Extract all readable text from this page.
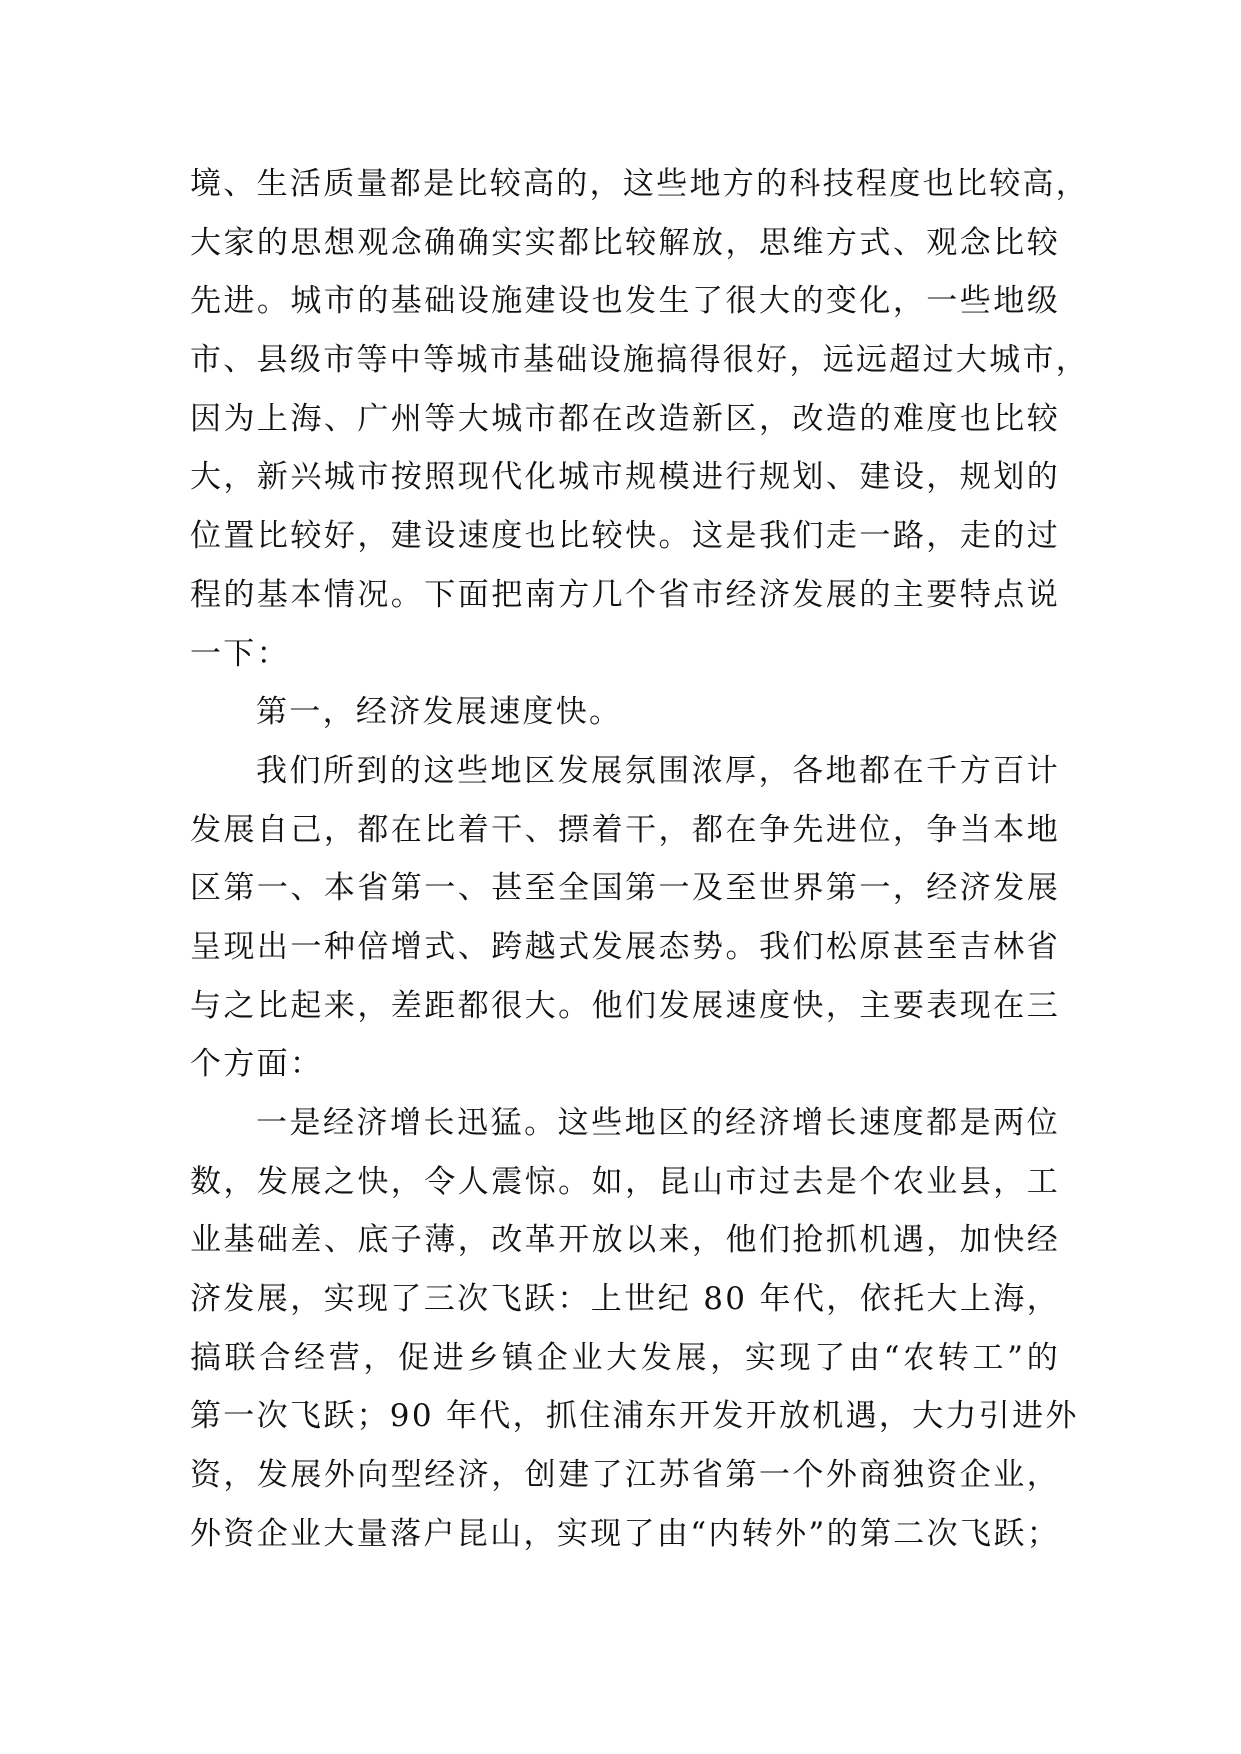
境、生活质量都是比较高的，这些地方的科技程度也比较高，
大家的思想观念确确实实都比较解放，思维方式、观念比较
先进。城市的基础设施建设也发生了很大的变化，一些地级
市、县级市等中等城市基础设施搞得很好，远远超过大城市，
因为上海、广州等大城市都在改造新区，改造的难度也比较
大，新兴城市按照现代化城市规模进行规划、建设，规划的
位置比较好，建设速度也比较快。这是我们走一路，走的过
程的基本情况。下面把南方几个省市经济发展的主要特点说
一下：
第一，经济发展速度快。
我们所到的这些地区发展氛围浓厚，各地都在千方百计
发展自己，都在比着干、摽着干，都在争先进位，争当本地
区第一、本省第一、甚至全国第一及至世界第一，经济发展
呈现出一种倍增式、跨越式发展态势。我们松原甚至吉林省
与之比起来，差距都很大。他们发展速度快，主要表现在三
个方面：
一是经济增长迅猛。这些地区的经济增长速度都是两位
数，发展之快，令人震惊。如，昆山市过去是个农业县，工
业基础差、底子薄，改革开放以来，他们抢抓机遇，加快经
济发展，实现了三次飞跃：上世纪 80 年代，依托大上海，
搞联合经营，促进乡镇企业大发展，实现了由“农转工”的
第一次飞跃；90 年代，抓住浦东开发开放机遇，大力引进外
资，发展外向型经济，创建了江苏省第一个外商独资企业，
外资企业大量落户昆山，实现了由“内转外”的第二次飞跃；
